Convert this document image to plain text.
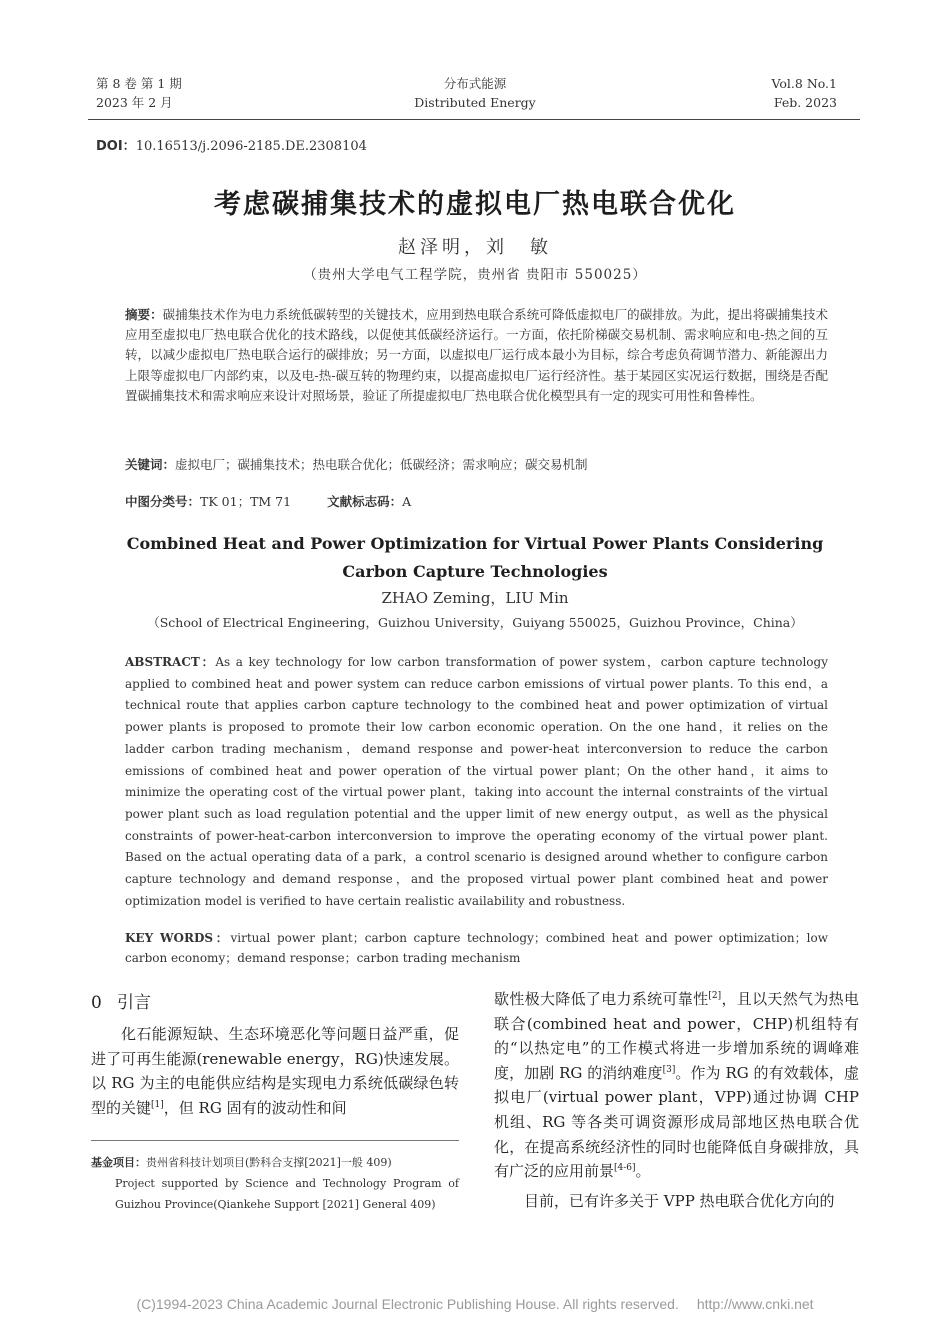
第 8 卷 第 1 期
2023 年 2 月
分布式能源
Distributed Energy
Vol.8 No.1
Feb. 2023
DOI：10.16513/j.2096-2185.DE.2308104
考虑碳捕集技术的虚拟电厂热电联合优化
赵泽明，刘　敏
（贵州大学电气工程学院，贵州省 贵阳市 550025）
摘要：碳捕集技术作为电力系统低碳转型的关键技术，应用到热电联合系统可降低虚拟电厂的碳排放。为此，提出将碳捕集技术应用至虚拟电厂热电联合优化的技术路线，以促使其低碳经济运行。一方面，依托阶梯碳交易机制、需求响应和电-热之间的互转，以减少虚拟电厂热电联合运行的碳排放；另一方面，以虚拟电厂运行成本最小为目标，综合考虑负荷调节潜力、新能源出力上限等虚拟电厂内部约束，以及电-热-碳互转的物理约束，以提高虚拟电厂运行经济性。基于某园区实况运行数据，围绕是否配置碳捕集技术和需求响应来设计对照场景，验证了所提虚拟电厂热电联合优化模型具有一定的现实可用性和鲁棒性。
关键词：虚拟电厂；碳捕集技术；热电联合优化；低碳经济；需求响应；碳交易机制
中图分类号：TK 01；TM 71	文献标志码：A
Combined Heat and Power Optimization for Virtual Power Plants Considering
Carbon Capture Technologies
ZHAO Zeming，LIU Min
（School of Electrical Engineering，Guizhou University，Guiyang 550025，Guizhou Province，China）
ABSTRACT：As a key technology for low carbon transformation of power system，carbon capture technology applied to combined heat and power system can reduce carbon emissions of virtual power plants. To this end，a technical route that applies carbon capture technology to the combined heat and power optimization of virtual power plants is proposed to promote their low carbon economic operation. On the one hand，it relies on the ladder carbon trading mechanism，demand response and power-heat interconversion to reduce the carbon emissions of combined heat and power operation of the virtual power plant；On the other hand，it aims to minimize the operating cost of the virtual power plant，taking into account the internal constraints of the virtual power plant such as load regulation potential and the upper limit of new energy output，as well as the physical constraints of power-heat-carbon interconversion to improve the operating economy of the virtual power plant. Based on the actual operating data of a park，a control scenario is designed around whether to configure carbon capture technology and demand response，and the proposed virtual power plant combined heat and power optimization model is verified to have certain realistic availability and robustness.
KEY WORDS：virtual power plant；carbon capture technology；combined heat and power optimization；low carbon economy；demand response；carbon trading mechanism
0 引言
化石能源短缺、生态环境恶化等问题日益严重，促进了可再生能源(renewable energy，RG)快速发展。以 RG 为主的电能供应结构是实现电力系统低碳绿色转型的关键[1]，但 RG 固有的波动性和间
基金项目：贵州省科技计划项目(黔科合支撑[2021]一般 409)
Project supported by Science and Technology Program of Guizhou Province(Qiankehe Support [2021] General 409)
歇性极大降低了电力系统可靠性[2]，且以天然气为热电联合(combined heat and power，CHP)机组特有的“以热定电”的工作模式将进一步增加系统的调峰难度，加剧 RG 的消纳难度[3]。作为 RG 的有效载体，虚拟电厂(virtual power plant，VPP)通过协调 CHP 机组、RG 等各类可调资源形成局部地区热电联合优化，在提高系统经济性的同时也能降低自身碳排放，具有广泛的应用前景[4-6]。
目前，已有许多关于 VPP 热电联合优化方向的
(C)1994-2023 China Academic Journal Electronic Publishing House. All rights reserved. http://www.cnki.net
